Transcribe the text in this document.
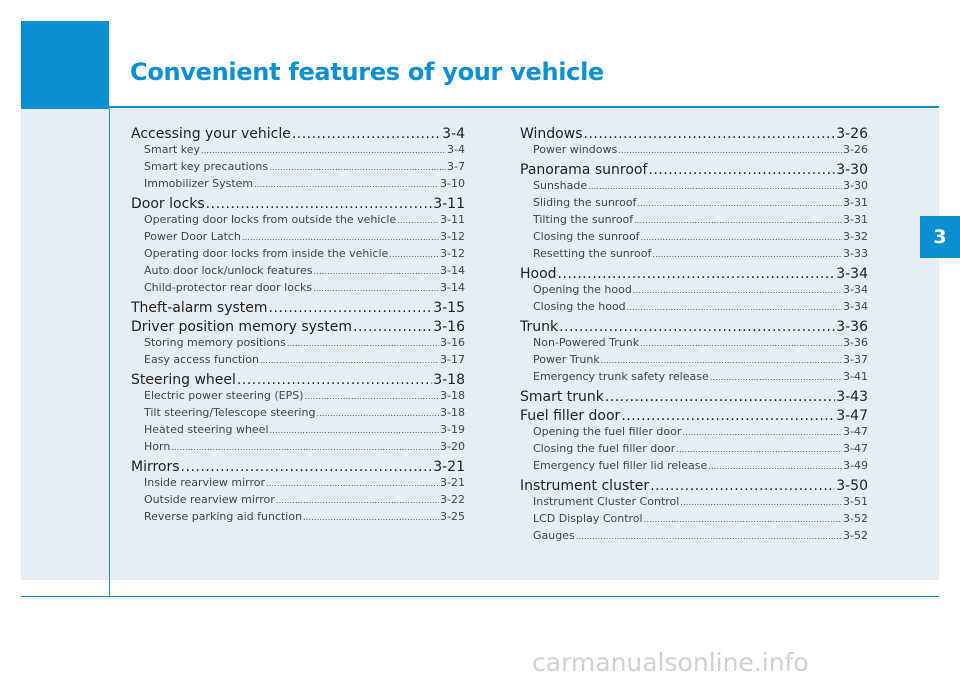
Convenient features of your vehicle
3
Accessing your vehicle .....	3-4
Smart key .....	3-4
Smart key precautions .....	3-7
Immobilizer System .....	3-10
Door locks .....	3-11
Operating door locks from outside the vehicle .....	3-11
Power Door Latch .....	3-12
Operating door locks from inside the vehicle .....	3-12
Auto door lock/unlock features .....	3-14
Child-protector rear door locks .....	3-14
Theft-alarm system .....	3-15
Driver position memory system .....	3-16
Storing memory positions .....	3-16
Easy access function .....	3-17
Steering wheel .....	3-18
Electric power steering (EPS) .....	3-18
Tilt steering/Telescope steering .....	3-18
Heated steering wheel .....	3-19
Horn .....	3-20
Mirrors .....	3-21
Inside rearview mirror .....	3-21
Outside rearview mirror .....	3-22
Reverse parking aid function .....	3-25
Windows .....	3-26
Power windows .....	3-26
Panorama sunroof .....	3-30
Sunshade .....	3-30
Sliding the sunroof .....	3-31
Tilting the sunroof .....	3-31
Closing the sunroof .....	3-32
Resetting the sunroof .....	3-33
Hood .....	3-34
Opening the hood .....	3-34
Closing the hood .....	3-34
Trunk .....	3-36
Non-Powered Trunk .....	3-36
Power Trunk .....	3-37
Emergency trunk safety release .....	3-41
Smart trunk .....	3-43
Fuel filler door .....	3-47
Opening the fuel filler door .....	3-47
Closing the fuel filler door .....	3-47
Emergency fuel filler lid release .....	3-49
Instrument cluster .....	3-50
Instrument Cluster Control .....	3-51
LCD Display Control .....	3-52
Gauges .....	3-52
carmanualsonline.info
